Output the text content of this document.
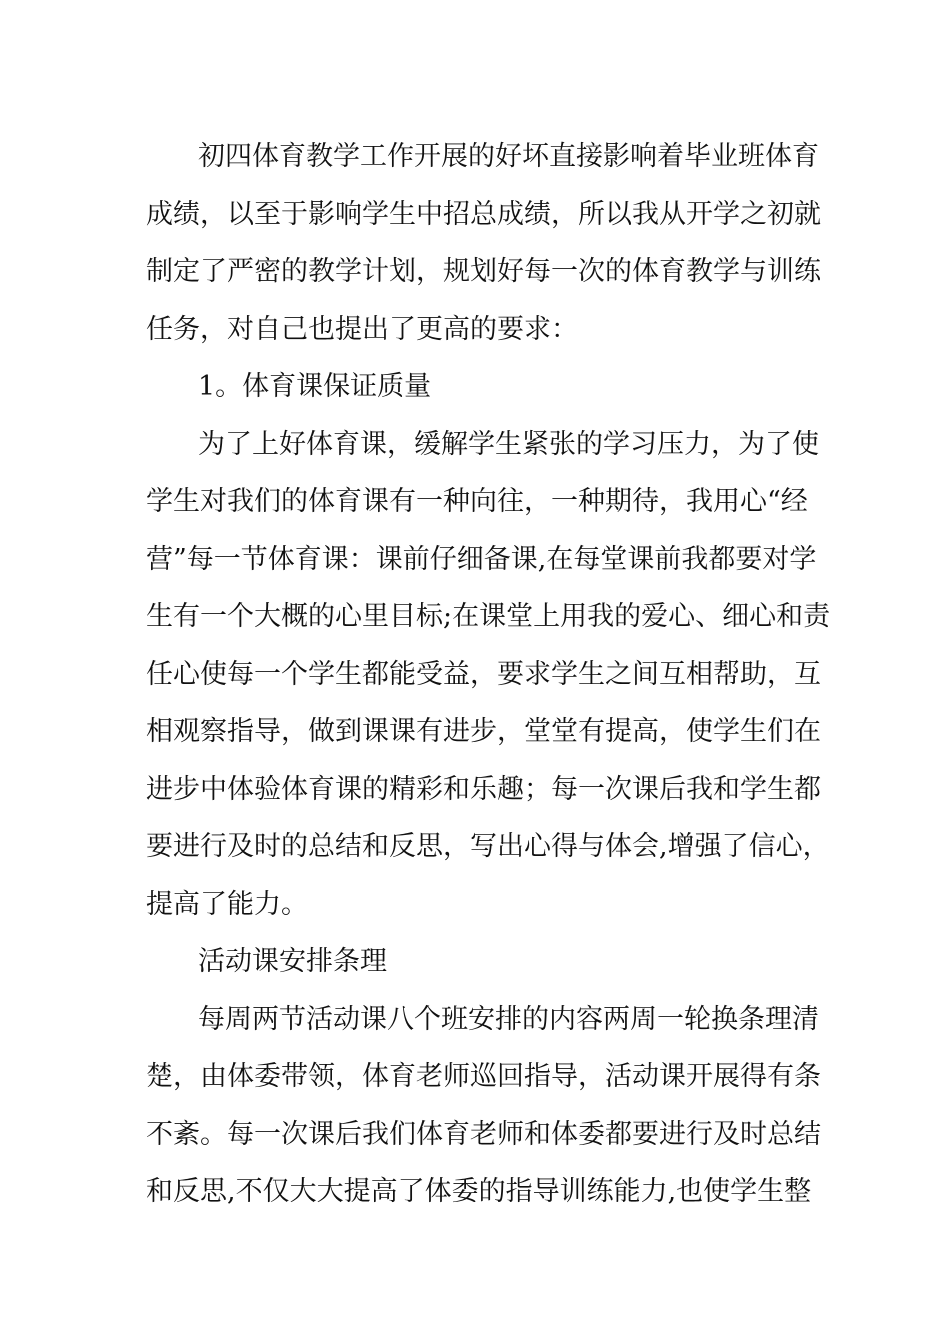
初四体育教学工作开展的好坏直接影响着毕业班体育
成绩，以至于影响学生中招总成绩，所以我从开学之初就
制定了严密的教学计划，规划好每一次的体育教学与训练
任务，对自己也提出了更高的要求：
1。体育课保证质量
为了上好体育课，缓解学生紧张的学习压力，为了使
学生对我们的体育课有一种向往，一种期待，我用心“经
营”每一节体育课：课前仔细备课,在每堂课前我都要对学
生有一个大概的心里目标;在课堂上用我的爱心、细心和责
任心使每一个学生都能受益，要求学生之间互相帮助，互
相观察指导，做到课课有进步，堂堂有提高，使学生们在
进步中体验体育课的精彩和乐趣；每一次课后我和学生都
要进行及时的总结和反思，写出心得与体会,增强了信心，
提高了能力。
活动课安排条理
每周两节活动课八个班安排的内容两周一轮换条理清
楚，由体委带领，体育老师巡回指导，活动课开展得有条
不紊。每一次课后我们体育老师和体委都要进行及时总结
和反思,不仅大大提高了体委的指导训练能力,也使学生整
